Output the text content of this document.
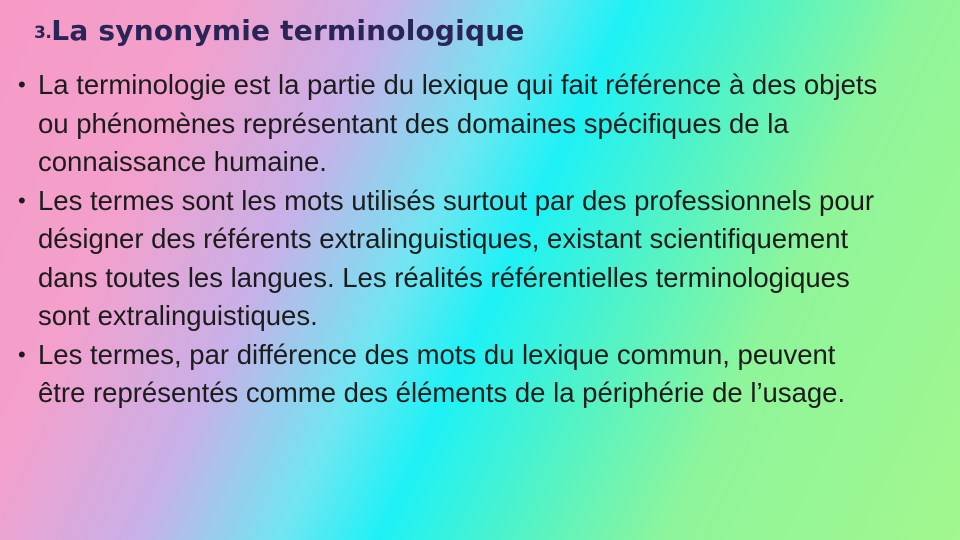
3.La synonymie terminologique
• La terminologie est la partie du lexique qui fait référence à des objets ou phénomènes représentant des domaines spécifiques de la connaissance humaine.
• Les termes sont les mots utilisés surtout par des professionnels pour désigner des référents extralinguistiques, existant scientifiquement dans toutes les langues. Les réalités référentielles terminologiques sont extralinguistiques.
• Les termes, par différence des mots du lexique commun, peuvent être représentés comme des éléments de la périphérie de l’usage.
